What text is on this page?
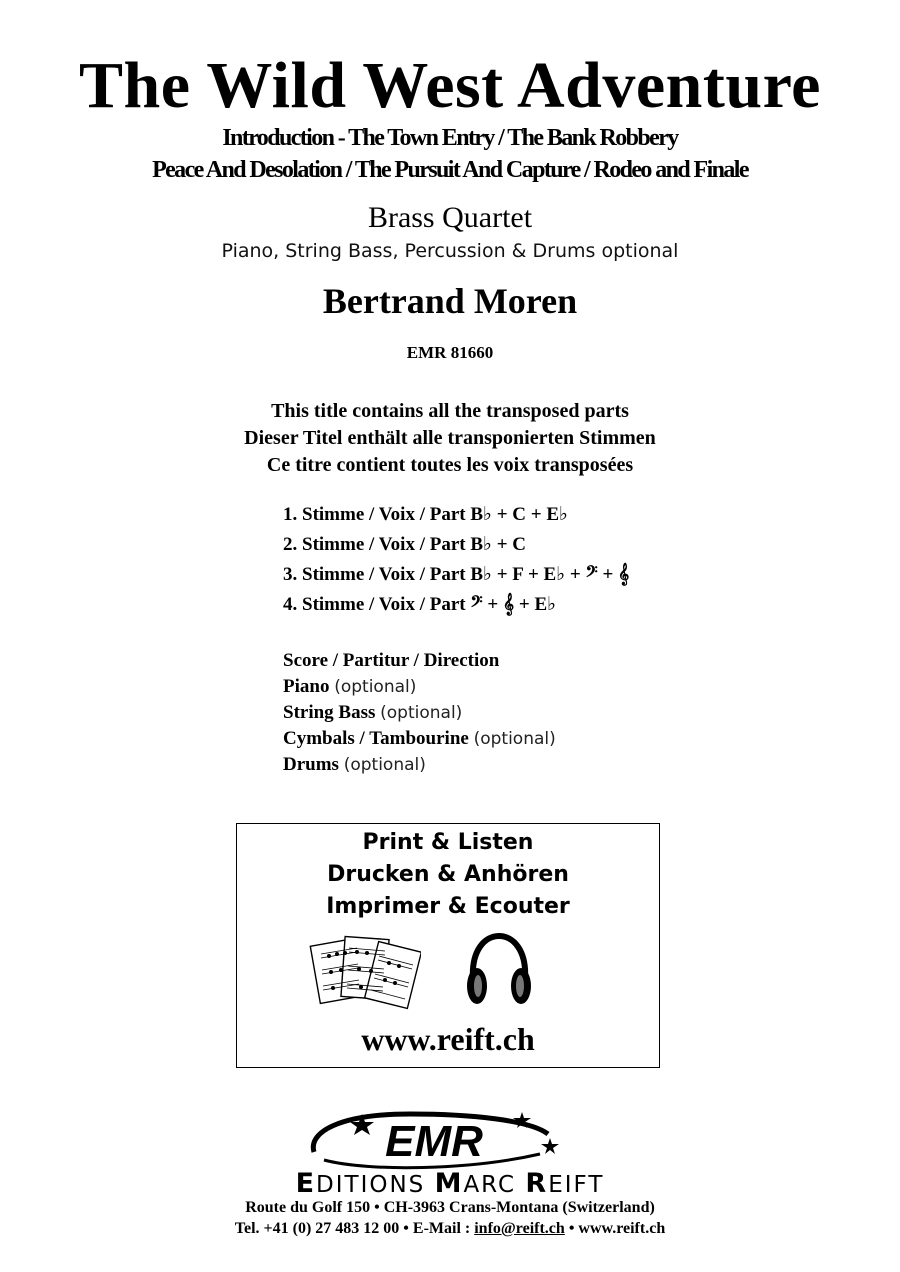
The Wild West Adventure
Introduction - The Town Entry / The Bank Robbery
Peace And Desolation / The Pursuit And Capture / Rodeo and Finale
Brass Quartet
Piano, String Bass, Percussion & Drums optional
Bertrand Moren
EMR 81660
This title contains all the transposed parts
Dieser Titel enthält alle transponierten Stimmen
Ce titre contient toutes les voix transposées
1. Stimme / Voix / Part B♭ + C + E♭
2. Stimme / Voix / Part B♭ + C
3. Stimme / Voix / Part B♭ + F + E♭ + 𝄢 + 𝄞
4. Stimme / Voix / Part 𝄢 + 𝄞 + E♭
Score / Partitur / Direction
Piano (optional)
String Bass (optional)
Cymbals / Tambourine (optional)
Drums (optional)
Print & Listen
Drucken & Anhören
Imprimer & Ecouter
www.reift.ch
EMR
EDITIONS MARC REIFT
Route du Golf 150 • CH-3963 Crans-Montana (Switzerland)
Tel. +41 (0) 27 483 12 00 • E-Mail : info@reift.ch • www.reift.ch
